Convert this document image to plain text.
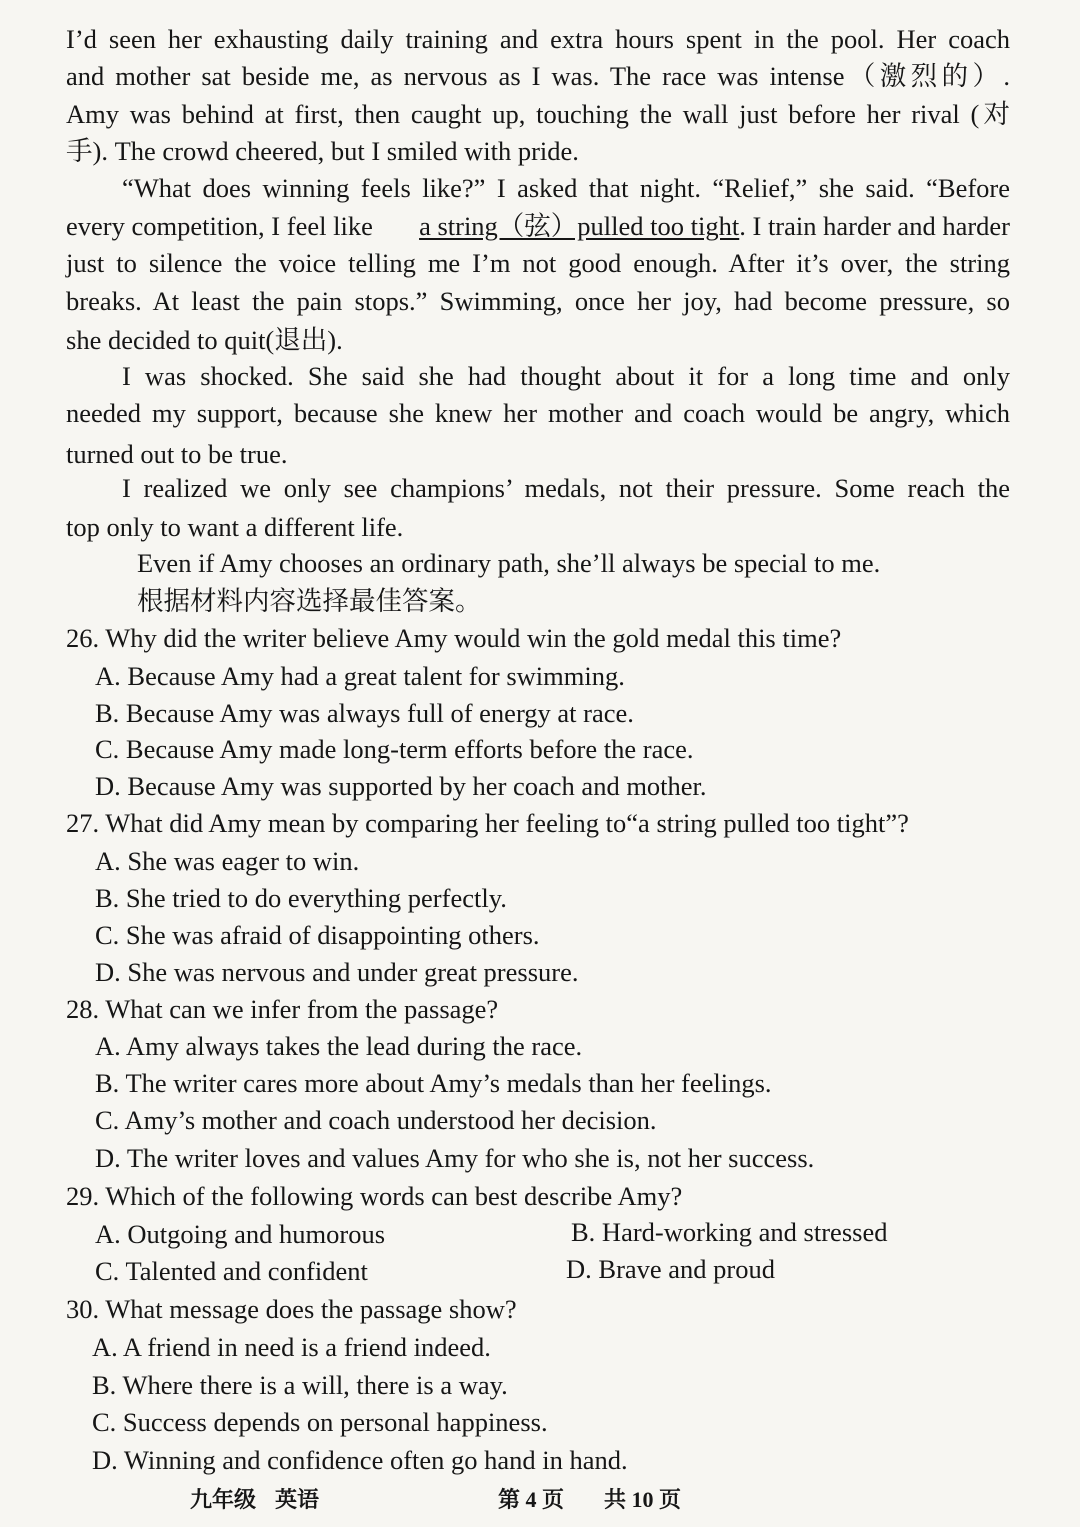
I’d seen her exhausting daily training and extra hours spent in the pool. Her coach
and mother sat beside me, as nervous as I was. The race was intense（激烈的）.
Amy was behind at first, then caught up, touching the wall just before her rival (对
手). The crowd cheered, but I smiled with pride.
“What does winning feels like?” I asked that night. “Relief,” she said. “Before
every competition, I feel like a string（弦）pulled too tight . I train harder and harder
just to silence the voice telling me I’m not good enough. After it’s over, the string
breaks. At least the pain stops.” Swimming, once her joy, had become pressure, so
she decided to quit(退出).
I was shocked. She said she had thought about it for a long time and only
needed my support, because she knew her mother and coach would be angry, which
turned out to be true.
I realized we only see champions’ medals, not their pressure. Some reach the
top only to want a different life.
Even if Amy chooses an ordinary path, she’ll always be special to me.
根据材料内容选择最佳答案。
26. Why did the writer believe Amy would win the gold medal this time?
A. Because Amy had a great talent for swimming.
B. Because Amy was always full of energy at race.
C. Because Amy made long-term efforts before the race.
D. Because Amy was supported by her coach and mother.
27. What did Amy mean by comparing her feeling to“a string pulled too tight”?
A. She was eager to win.
B. She tried to do everything perfectly.
C. She was afraid of disappointing others.
D. She was nervous and under great pressure.
28. What can we infer from the passage?
A. Amy always takes the lead during the race.
B. The writer cares more about Amy’s medals than her feelings.
C. Amy’s mother and coach understood her decision.
D. The writer loves and values Amy for who she is, not her success.
29. Which of the following words can best describe Amy?
A. Outgoing and humorous	B. Hard-working and stressed
C. Talented and confident	D. Brave and proud
30. What message does the passage show?
A. A friend in need is a friend indeed.
B. Where there is a will, there is a way.
C. Success depends on personal happiness.
D. Winning and confidence often go hand in hand.
九年级 英语	第 4 页 共 10 页
